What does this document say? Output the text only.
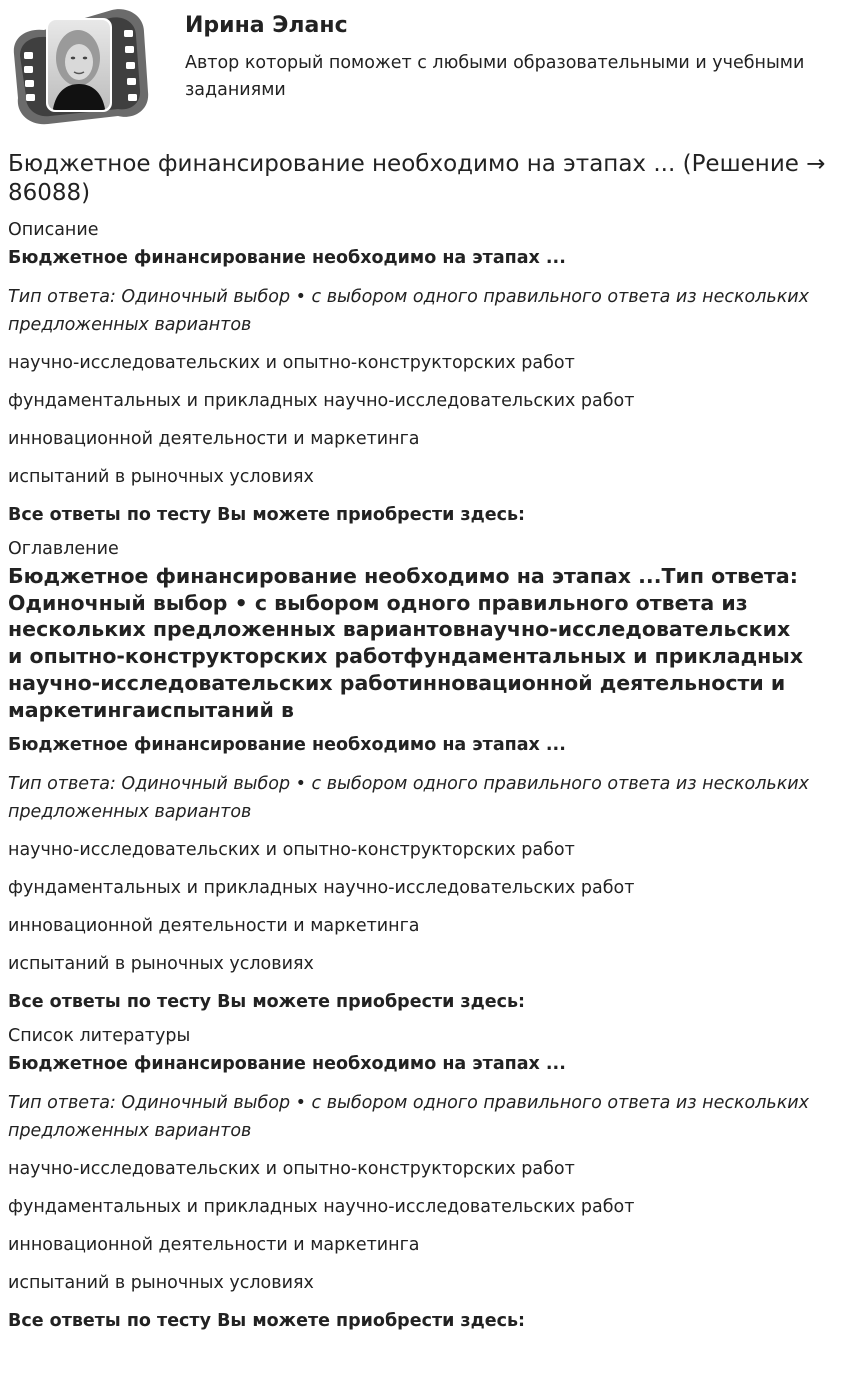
Ирина Эланс
Автор который поможет с любыми образовательными и учебными заданиями
Бюджетное финансирование необходимо на этапах ... (Решение → 86088)
Описание
Бюджетное финансирование необходимо на этапах ...
Тип ответа: Одиночный выбор • с выбором одного правильного ответа из нескольких предложенных вариантов
научно-исследовательских и опытно-конструкторских работ
фундаментальных и прикладных научно-исследовательских работ
инновационной деятельности и маркетинга
испытаний в рыночных условиях
Все ответы по тесту Вы можете приобрести здесь:
Оглавление
Бюджетное финансирование необходимо на этапах ...Тип ответа: Одиночный выбор • с выбором одного правильного ответа из нескольких предложенных вариантовнаучно-исследовательских и опытно-конструкторских работфундаментальных и прикладных научно-исследовательских работинновационной деятельности и маркетингаиспытаний в
Бюджетное финансирование необходимо на этапах ...
Тип ответа: Одиночный выбор • с выбором одного правильного ответа из нескольких предложенных вариантов
научно-исследовательских и опытно-конструкторских работ
фундаментальных и прикладных научно-исследовательских работ
инновационной деятельности и маркетинга
испытаний в рыночных условиях
Все ответы по тесту Вы можете приобрести здесь:
Список литературы
Бюджетное финансирование необходимо на этапах ...
Тип ответа: Одиночный выбор • с выбором одного правильного ответа из нескольких предложенных вариантов
научно-исследовательских и опытно-конструкторских работ
фундаментальных и прикладных научно-исследовательских работ
инновационной деятельности и маркетинга
испытаний в рыночных условиях
Все ответы по тесту Вы можете приобрести здесь:
